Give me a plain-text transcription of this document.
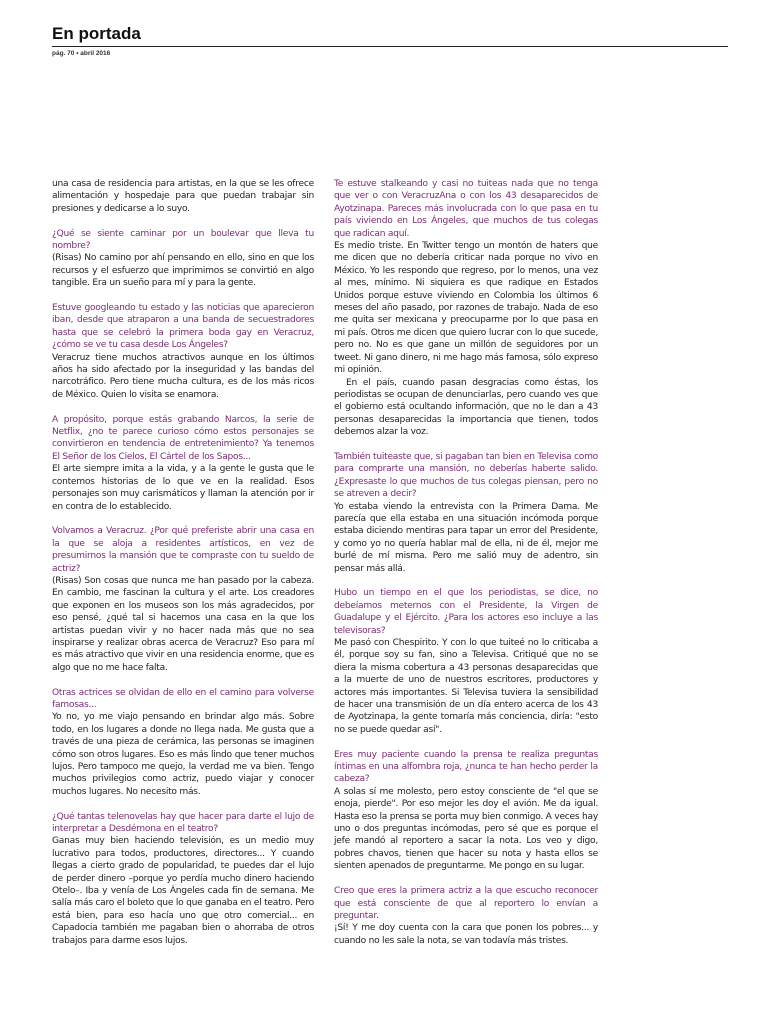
En portada
pág. 70 • abril 2016

una casa de residencia para artistas, en la que se les ofrece alimentación y hospedaje para que puedan trabajar sin presiones y dedicarse a lo suyo.

¿Qué se siente caminar por un boulevar que lleva tu nombre?

(Risas) No camino por ahí pensando en ello, sino en que los recursos y el esfuerzo que imprimimos se convirtió en algo tangible. Era un sueño para mí y para la gente.

Estuve googleando tu estado y las noticias que aparecieron iban, desde que atraparon a una banda de secuestradores hasta que se celebró la primera boda gay en Veracruz, ¿cómo se ve tu casa desde Los Ángeles?

Veracruz tiene muchos atractivos aunque en los últimos años ha sido afectado por la inseguridad y las bandas del narcotráfico. Pero tiene mucha cultura, es de los más ricos de México. Quien lo visita se enamora.

A propósito, porque estás grabando Narcos, la serie de Netflix, ¿no te parece curioso cómo estos personajes se convirtieron en tendencia de entretenimiento? Ya tenemos El Señor de los Cielos, El Cártel de los Sapos...

El arte siempre imita a la vida, y a la gente le gusta que le contemos historias de lo que ve en la realidad. Esos personajes son muy carismáticos y llaman la atención por ir en contra de lo establecido.

Volvamos a Veracruz. ¿Por qué preferiste abrir una casa en la que se aloja a residentes artísticos, en vez de presumirnos la mansión que te compraste con tu sueldo de actriz?

(Risas) Son cosas que nunca me han pasado por la cabeza. En cambio, me fascinan la cultura y el arte. Los creadores que exponen en los museos son los más agradecidos, por eso pensé, ¿qué tal si hacemos una casa en la que los artistas puedan vivir y no hacer nada más que no sea inspirarse y realizar obras acerca de Veracruz? Eso para mí es más atractivo que vivir en una residencia enorme, que es algo que no me hace falta.

Otras actrices se olvidan de ello en el camino para volverse famosas...

Yo no, yo me viajo pensando en brindar algo más. Sobre todo, en los lugares a donde no llega nada. Me gusta que a través de una pieza de cerámica, las personas se imaginen cómo son otros lugares. Eso es más lindo que tener muchos lujos. Pero tampoco me quejo, la verdad me va bien. Tengo muchos privilegios como actriz, puedo viajar y conocer muchos lugares. No necesito más.

¿Qué tantas telenovelas hay que hacer para darte el lujo de interpretar a Desdémona en el teatro?

Ganas muy bien haciendo televisión, es un medio muy lucrativo para todos, productores, directores... Y cuando llegas a cierto grado de popularidad, te puedes dar el lujo de perder dinero –porque yo perdía mucho dinero haciendo Otelo–. Iba y venía de Los Ángeles cada fin de semana. Me salía más caro el boleto que lo que ganaba en el teatro. Pero está bien, para eso hacía uno que otro comercial... en Capadocia también me pagaban bien o ahorraba de otros trabajos para darme esos lujos.

Te estuve stalkeando y casi no tuiteas nada que no tenga que ver o con VeracruzAna o con los 43 desaparecidos de Ayotzinapa. Pareces más involucrada con lo que pasa en tu país viviendo en Los Ángeles, que muchos de tus colegas que radican aquí.

Es medio triste. En Twitter tengo un montón de haters que me dicen que no debería criticar nada porque no vivo en México. Yo les respondo que regreso, por lo menos, una vez al mes, mínimo. Ni siquiera es que radique en Estados Unidos porque estuve viviendo en Colombia los últimos 6 meses del año pasado, por razones de trabajo. Nada de eso me quita ser mexicana y preocuparme por lo que pasa en mi país. Otros me dicen que quiero lucrar con lo que sucede, pero no. No es que gane un millón de seguidores por un tweet. Ni gano dinero, ni me hago más famosa, sólo expreso mi opinión.

En el país, cuando pasan desgracias como éstas, los periodistas se ocupan de denunciarlas, pero cuando ves que el gobierno está ocultando información, que no le dan a 43 personas desaparecidas la importancia que tienen, todos debemos alzar la voz.

También tuiteaste que, si pagaban tan bien en Televisa como para comprarte una mansión, no deberías haberte salido. ¿Expresaste lo que muchos de tus colegas piensan, pero no se atreven a decir?

Yo estaba viendo la entrevista con la Primera Dama. Me parecía que ella estaba en una situación incómoda porque estaba diciendo mentiras para tapar un error del Presidente, y como yo no quería hablar mal de ella, ni de él, mejor me burlé de mí misma. Pero me salió muy de adentro, sin pensar más allá.

Hubo un tiempo en el que los periodistas, se dice, no debeíamos meternos con el Presidente, la Virgen de Guadalupe y el Ejército. ¿Para los actores eso incluye a las televisoras?

Me pasó con Chespirito. Y con lo que tuiteé no lo criticaba a él, porque soy su fan, sino a Televisa. Critiqué que no se diera la misma cobertura a 43 personas desaparecidas que a la muerte de uno de nuestros escritores, productores y actores más importantes. Si Televisa tuviera la sensibilidad de hacer una transmisión de un día entero acerca de los 43 de Ayotzinapa, la gente tomaría más conciencia, diría: "esto no se puede quedar así".

Eres muy paciente cuando la prensa te realiza preguntas íntimas en una alfombra roja, ¿nunca te han hecho perder la cabeza?

A solas sí me molesto, pero estoy consciente de "el que se enoja, pierde". Por eso mejor les doy el avión. Me da igual. Hasta eso la prensa se porta muy bien conmigo. A veces hay uno o dos preguntas incómodas, pero sé que es porque el jefe mandó al reportero a sacar la nota. Los veo y digo, pobres chavos, tienen que hacer su nota y hasta ellos se sienten apenados de preguntarme. Me pongo en su lugar.

Creo que eres la primera actriz a la que escucho reconocer que está consciente de que al reportero lo envían a preguntar.

¡Sí! Y me doy cuenta con la cara que ponen los pobres... y cuando no les sale la nota, se van todavía más tristes.
